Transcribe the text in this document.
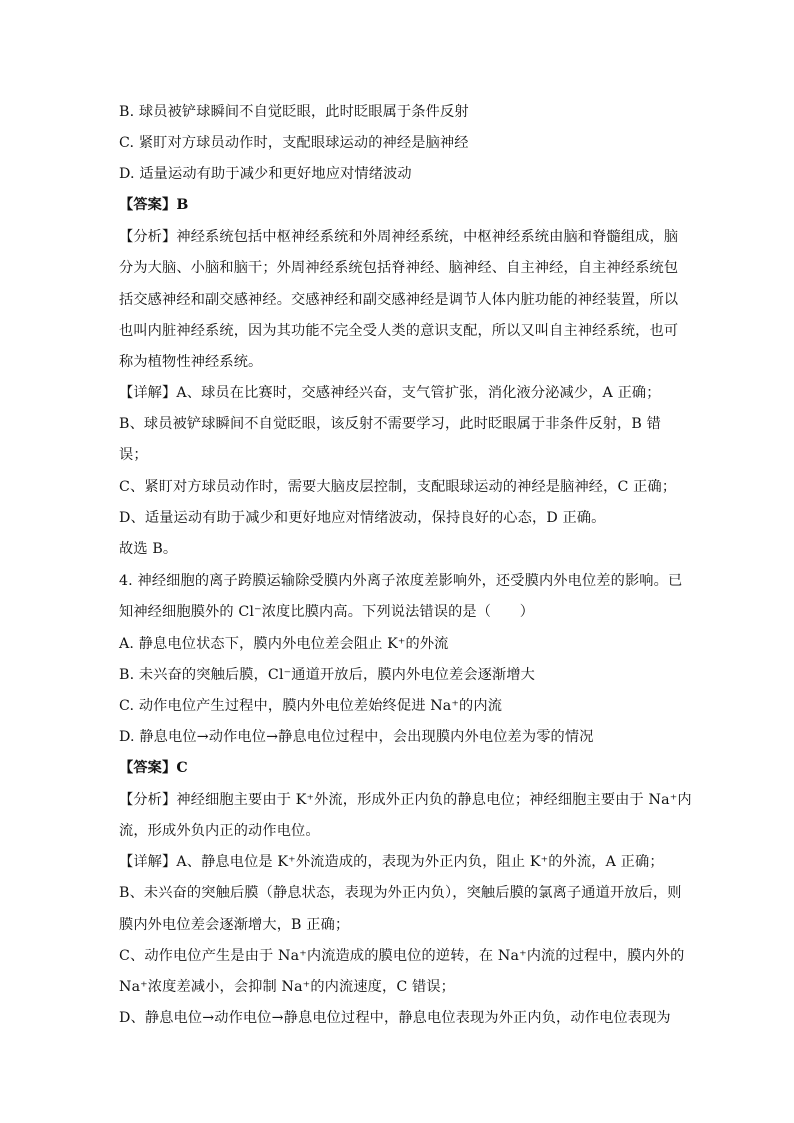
B. 球员被铲球瞬间不自觉眨眼，此时眨眼属于条件反射
C. 紧盯对方球员动作时，支配眼球运动的神经是脑神经
D. 适量运动有助于减少和更好地应对情绪波动
【答案】B
【分析】神经系统包括中枢神经系统和外周神经系统，中枢神经系统由脑和脊髓组成，脑
分为大脑、小脑和脑干；外周神经系统包括脊神经、脑神经、自主神经，自主神经系统包
括交感神经和副交感神经。交感神经和副交感神经是调节人体内脏功能的神经装置，所以
也叫内脏神经系统，因为其功能不完全受人类的意识支配，所以又叫自主神经系统，也可
称为植物性神经系统。
【详解】A、球员在比赛时，交感神经兴奋，支气管扩张，消化液分泌减少，A 正确；
B、球员被铲球瞬间不自觉眨眼，该反射不需要学习，此时眨眼属于非条件反射，B 错
误；
C、紧盯对方球员动作时，需要大脑皮层控制，支配眼球运动的神经是脑神经，C 正确；
D、适量运动有助于减少和更好地应对情绪波动，保持良好的心态，D 正确。
故选 B。
4. 神经细胞的离子跨膜运输除受膜内外离子浓度差影响外，还受膜内外电位差的影响。已
知神经细胞膜外的 Cl⁻浓度比膜内高。下列说法错误的是（　　）
A. 静息电位状态下，膜内外电位差会阻止 K⁺的外流
B. 未兴奋的突触后膜，Cl⁻通道开放后，膜内外电位差会逐渐增大
C. 动作电位产生过程中，膜内外电位差始终促进 Na⁺的内流
D. 静息电位→动作电位→静息电位过程中，会出现膜内外电位差为零的情况
【答案】C
【分析】神经细胞主要由于 K⁺外流，形成外正内负的静息电位；神经细胞主要由于 Na⁺内
流，形成外负内正的动作电位。
【详解】A、静息电位是 K⁺外流造成的，表现为外正内负，阻止 K⁺的外流，A 正确；
B、未兴奋的突触后膜（静息状态，表现为外正内负），突触后膜的氯离子通道开放后，则
膜内外电位差会逐渐增大，B 正确；
C、动作电位产生是由于 Na⁺内流造成的膜电位的逆转，在 Na⁺内流的过程中，膜内外的
Na⁺浓度差减小，会抑制 Na⁺的内流速度，C 错误；
D、静息电位→动作电位→静息电位过程中，静息电位表现为外正内负，动作电位表现为
